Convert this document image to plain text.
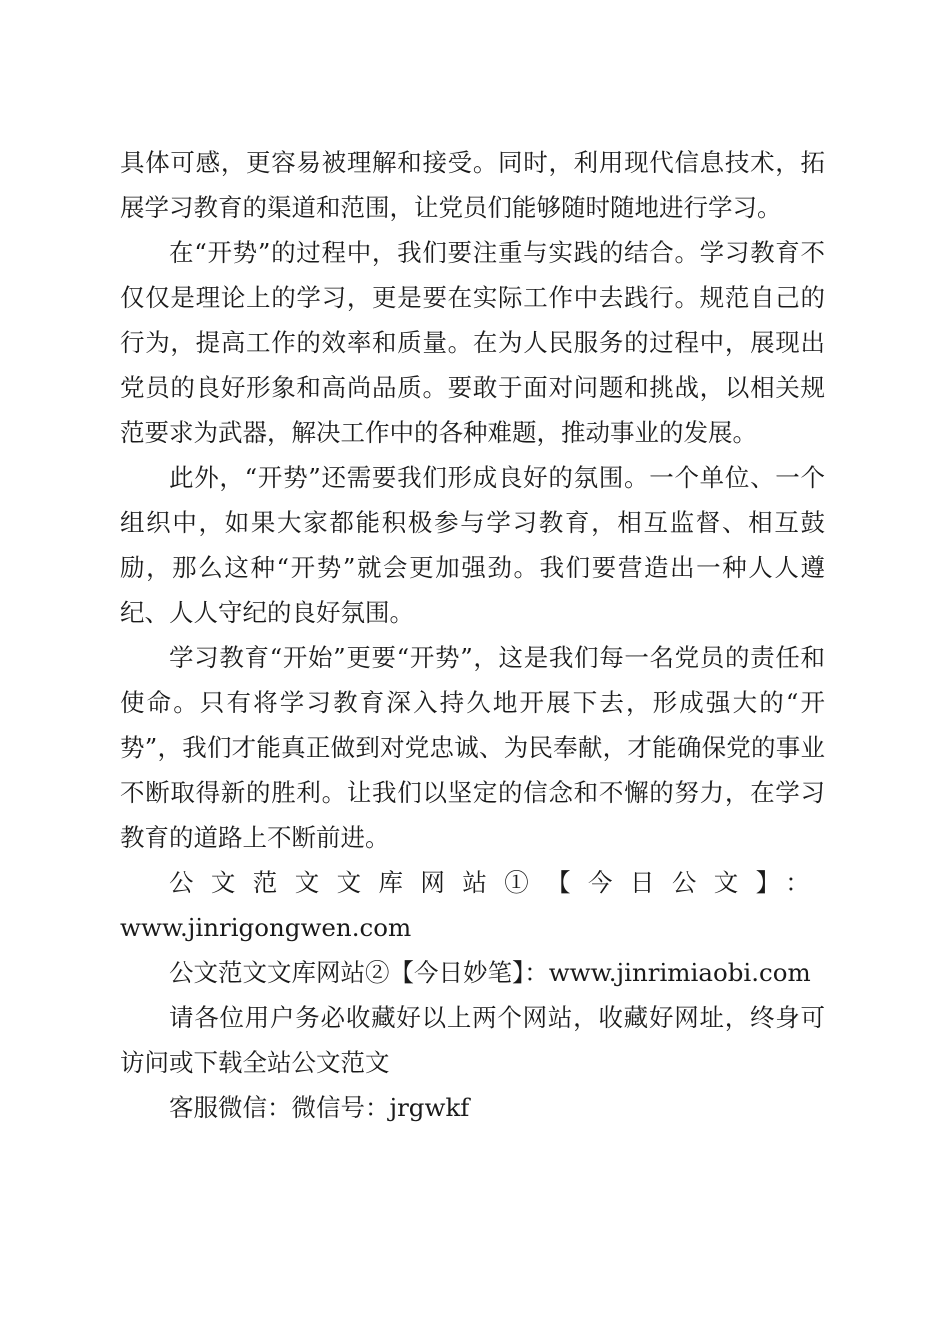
具体可感，更容易被理解和接受。同时，利用现代信息技术，拓展学习教育的渠道和范围，让党员们能够随时随地进行学习。

在“开势”的过程中，我们要注重与实践的结合。学习教育不仅仅是理论上的学习，更是要在实际工作中去践行。规范自己的行为，提高工作的效率和质量。在为人民服务的过程中，展现出党员的良好形象和高尚品质。要敢于面对问题和挑战，以相关规范要求为武器，解决工作中的各种难题，推动事业的发展。

此外，“开势”还需要我们形成良好的氛围。一个单位、一个组织中，如果大家都能积极参与学习教育，相互监督、相互鼓励，那么这种“开势”就会更加强劲。我们要营造出一种人人遵纪、人人守纪的良好氛围。

学习教育“开始”更要“开势”，这是我们每一名党员的责任和使命。只有将学习教育深入持久地开展下去，形成强大的“开势”，我们才能真正做到对党忠诚、为民奉献，才能确保党的事业不断取得新的胜利。让我们以坚定的信念和不懈的努力，在学习教育的道路上不断前进。

公文范文文库网站①【今日公文】：

www.jinrigongwen.com

公文范文文库网站②【今日妙笔】：www.jinrimiaobi.com

请各位用户务必收藏好以上两个网站，收藏好网址，终身可访问或下载全站公文范文

客服微信：微信号：jrgwkf
